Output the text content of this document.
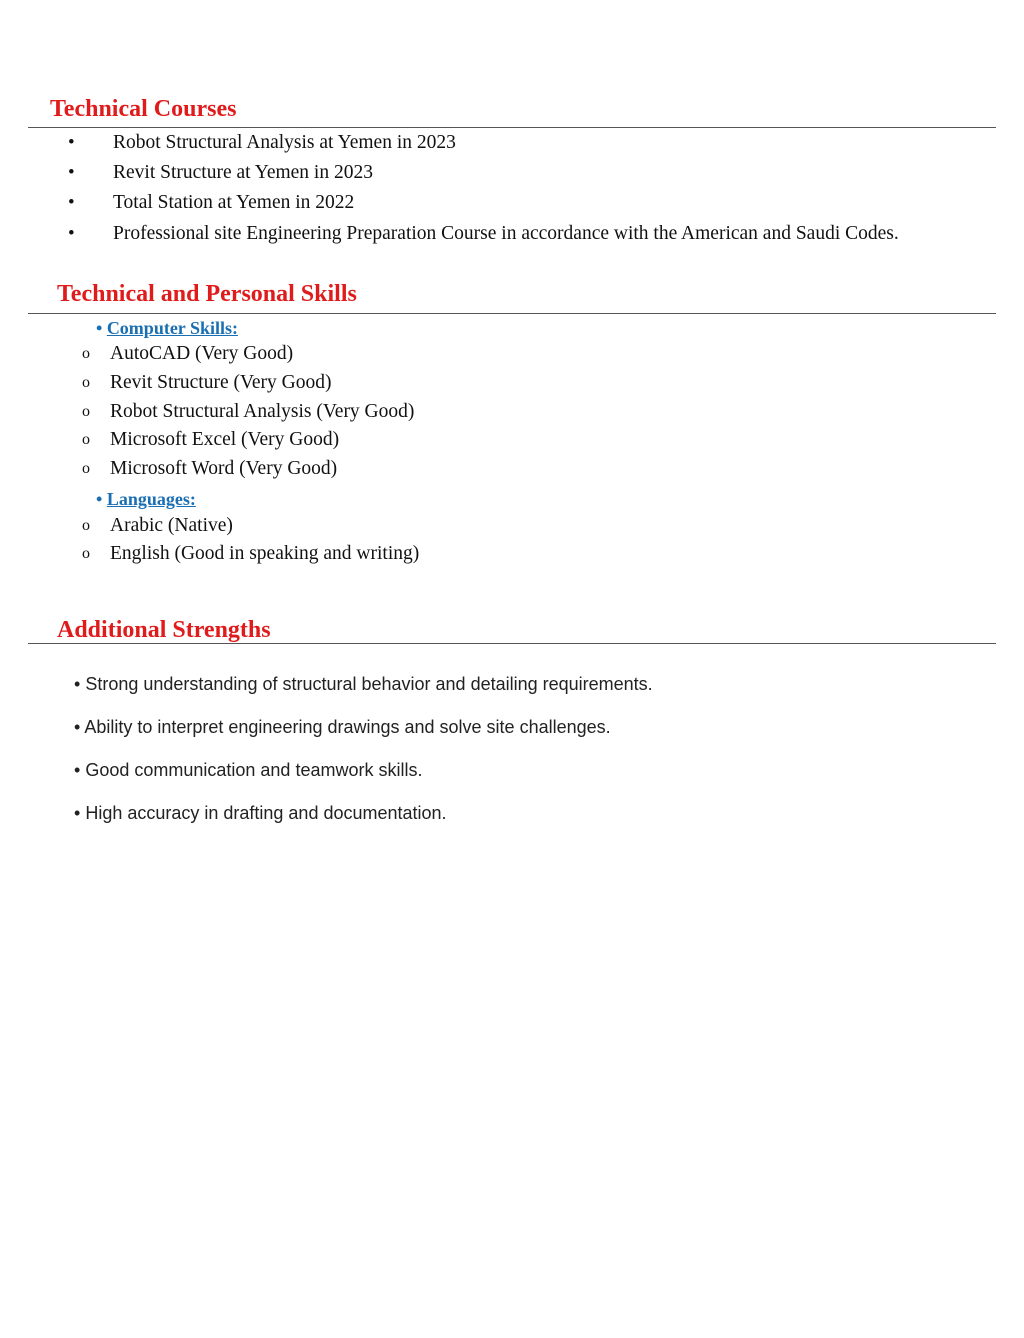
Technical Courses
• Robot Structural Analysis at Yemen in 2023
• Revit Structure at Yemen in 2023
• Total Station at Yemen in 2022
• Professional site Engineering Preparation Course in accordance with the American and Saudi Codes.
Technical and Personal Skills
• Computer Skills:
o AutoCAD (Very Good)
o Revit Structure (Very Good)
o Robot Structural Analysis (Very Good)
o Microsoft Excel (Very Good)
o Microsoft Word (Very Good)
• Languages:
o Arabic (Native)
o English (Good in speaking and writing)
Additional Strengths
• Strong understanding of structural behavior and detailing requirements.
• Ability to interpret engineering drawings and solve site challenges.
• Good communication and teamwork skills.
• High accuracy in drafting and documentation.
